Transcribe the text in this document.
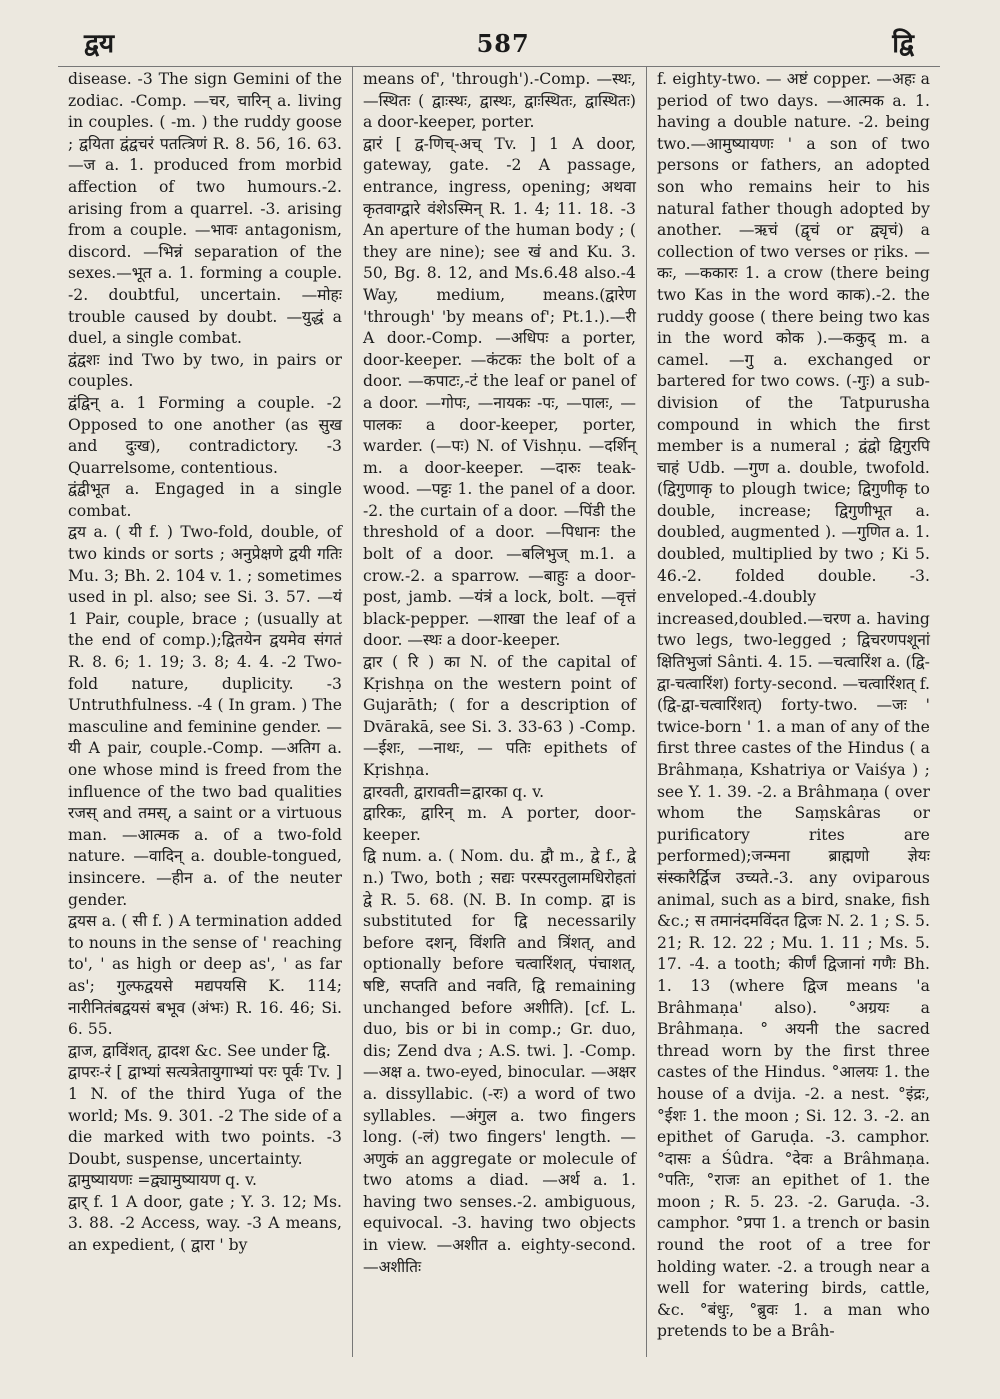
द्वय	587	द्वि

disease. -3 The sign Gemini of the zodiac. -Comp. —चर, चारिन् a. living in couples. ( -m. ) the ruddy goose ; द्वयिता द्वंद्वचरं पतत्त्रिणं R. 8. 56, 16. 63. —ज a. 1. produced from morbid affection of two humours.-2. arising from a quarrel. -3. arising from a couple. —भावः antagonism, discord. —भिन्नं separation of the sexes.—भूत a. 1. forming a couple. -2. doubtful, uncertain. —मोहः trouble caused by doubt. —युद्धं a duel, a single combat.

द्वंद्वशः ind Two by two, in pairs or couples.

द्वंद्विन् a. 1 Forming a couple. -2 Opposed to one another (as सुख and दुःख), contradictory. -3 Quarrelsome, contentious.

द्वंद्वीभूत a. Engaged in a single combat.

द्वय a. ( यी f. ) Two-fold, double, of two kinds or sorts ; अनुप्रेक्षणे द्वयी गतिः Mu. 3; Bh. 2. 104 v. 1. ; sometimes used in pl. also; see Si. 3. 57. —यं 1 Pair, couple, brace ; (usually at the end of comp.);द्वितयेन द्वयमेव संगतं R. 8. 6; 1. 19; 3. 8; 4. 4. -2 Two-fold nature, duplicity. -3 Untruthfulness. -4 ( In gram. ) The masculine and feminine gender. —यी A pair, couple.-Comp. —अतिग a. one whose mind is freed from the influence of the two bad qualities रजस् and तमस्, a saint or a virtuous man. —आत्मक a. of a two-fold nature. —वादिन् a. double-tongued, insincere. —हीन a. of the neuter gender.

द्वयस a. ( सी f. ) A termination added to nouns in the sense of ' reaching to', ' as high or deep as', ' as far as'; गुल्फद्वयसे मद्यपयसि K. 114; नारीनितंबद्वयसं बभूव (अंभः) R. 16. 46; Si. 6. 55.

द्वाज, द्वाविंशत्, द्वादश &c. See under द्वि.

द्वापरः-रं [ द्वाभ्यां सत्यत्रेतायुगाभ्यां परः पूर्वः Tv. ] 1 N. of the third Yuga of the world; Ms. 9. 301. -2 The side of a die marked with two points. -3 Doubt, suspense, uncertainty.

द्वामुष्यायणः =द्व्यामुष्यायण q. v.

द्वार् f. 1 A door, gate ; Y. 3. 12; Ms. 3. 88. -2 Access, way. -3 A means, an expedient, ( द्वारा ' by

means of', 'through').-Comp. —स्थः, —स्थितः ( द्वाःस्थः, द्वास्थः, द्वाःस्थितः, द्वास्थितः) a door-keeper, porter.

द्वारं [ द्व-णिच्-अच् Tv. ] 1 A door, gateway, gate. -2 A passage, entrance, ingress, opening; अथवा कृतवाग्द्वारे वंशेऽस्मिन् R. 1. 4; 11. 18. -3 An aperture of the human body ; ( they are nine); see खं and Ku. 3. 50, Bg. 8. 12, and Ms.6.48 also.-4 Way, medium, means.(द्वारेण 'through' 'by means of'; Pt.1.).—री A door.-Comp. —अधिपः a porter, door-keeper. —कंटकः the bolt of a door. —कपाटः,-टं the leaf or panel of a door. —गोपः, —नायकः -पः, —पालः, —पालकः a door-keeper, porter, warder. (—पः) N. of Vishṇu. —दर्शिन् m. a door-keeper. —दारुः teak-wood. —पट्टः 1. the panel of a door. -2. the curtain of a door. —पिंडी the threshold of a door. —पिधानः the bolt of a door. —बलिभुज् m.1. a crow.-2. a sparrow. —बाहुः a door-post, jamb. —यंत्रं a lock, bolt. —वृत्तं black-pepper. —शाखा the leaf of a door. —स्थः a door-keeper.

द्वार ( रि ) का N. of the capital of Kṛishṇa on the western point of Gujarāth; ( for a description of Dvārakā, see Si. 3. 33-63 ) -Comp. —ईशः, —नाथः, — पतिः epithets of Kṛishṇa.

द्वारवती, द्वारावती=द्वारका q. v.

द्वारिकः, द्वारिन् m. A porter, door-keeper.

द्वि num. a. ( Nom. du. द्वौ m., द्वे f., द्वे n.) Two, both ; सद्यः परस्परतुलामधिरोहतां द्वे R. 5. 68. (N. B. In comp. द्वा is substituted for द्वि necessarily before दशन्, विंशति and त्रिंशत्, and optionally before चत्वारिंशत्, पंचाशत्, षष्टि, सप्तति and नवति, द्वि remaining unchanged before अशीति). [cf. L. duo, bis or bi in comp.; Gr. duo, dis; Zend dva ; A.S. twi. ]. -Comp. —अक्ष a. two-eyed, binocular. —अक्षर a. dissyllabic. (-रः) a word of two syllables. —अंगुल a. two fingers long. (-लं) two fingers' length. —अणुकं an aggregate or molecule of two atoms a diad. —अर्थ a. 1. having two senses.-2. ambiguous, equivocal. -3. having two objects in view. —अशीत a. eighty-second. —अशीतिः

f. eighty-two. — अष्टं copper. —अहः a period of two days. —आत्मक a. 1. having a double nature. -2. being two.—आमुष्यायणः ' a son of two persons or fathers, an adopted son who remains heir to his natural father though adopted by another. —ऋचं (द्वृचं or द्व्यृचं) a collection of two verses or ṛiks. —कः, —ककारः 1. a crow (there being two Kas in the word काक).-2. the ruddy goose ( there being two kas in the word कोक ).—ककुद् m. a camel. —गु a. exchanged or bartered for two cows. (-गुः) a sub-division of the Tatpurusha compound in which the first member is a numeral ; द्वंद्वो द्विगुरपि चाहं Udb. —गुण a. double, twofold.(द्विगुणाकृ to plough twice; द्विगुणीकृ to double, increase; द्विगुणीभूत a. doubled, augmented ). —गुणित a. 1. doubled, multiplied by two ; Ki 5. 46.-2. folded double. -3. enveloped.-4.doubly increased,doubled.—चरण a. having two legs, two-legged ; द्विचरणपशूनां क्षितिभुजां Sânti. 4. 15. —चत्वारिंश a. (द्वि-द्वा-चत्वारिंश) forty-second. —चत्वारिंशत् f. (द्वि-द्वा-चत्वारिंशत्) forty-two. —जः ' twice-born ' 1. a man of any of the first three castes of the Hindus ( a Brâhmaṇa, Kshatriya or Vaiśya ) ; see Y. 1. 39. -2. a Brâhmaṇa ( over whom the Saṃskâras or purificatory rites are performed);जन्मना ब्राह्मणो ज्ञेयः संस्कारैर्द्विज उच्यते.-3. any oviparous animal, such as a bird, snake, fish &c.; स तमानंदमविंदत द्विजः N. 2. 1 ; S. 5. 21; R. 12. 22 ; Mu. 1. 11 ; Ms. 5. 17. -4. a tooth; कीर्णं द्विजानां गणैः Bh. 1. 13 (where द्विज means 'a Brâhmaṇa' also). °अग्रयः a Brâhmaṇa. ° अयनी the sacred thread worn by the first three castes of the Hindus. °आलयः 1. the house of a dvija. -2. a nest. °इंद्रः, °ईशः 1. the moon ; Si. 12. 3. -2. an epithet of Garuḍa. -3. camphor. °दासः a Śûdra. °देवः a Brâhmaṇa. °पतिः, °राजः an epithet of 1. the moon ; R. 5. 23. -2. Garuḍa. -3. camphor. °प्रपा 1. a trench or basin round the root of a tree for holding water. -2. a trough near a well for watering birds, cattle, &c. °बंधुः, °ब्रुवः 1. a man who pretends to be a Brâh-
